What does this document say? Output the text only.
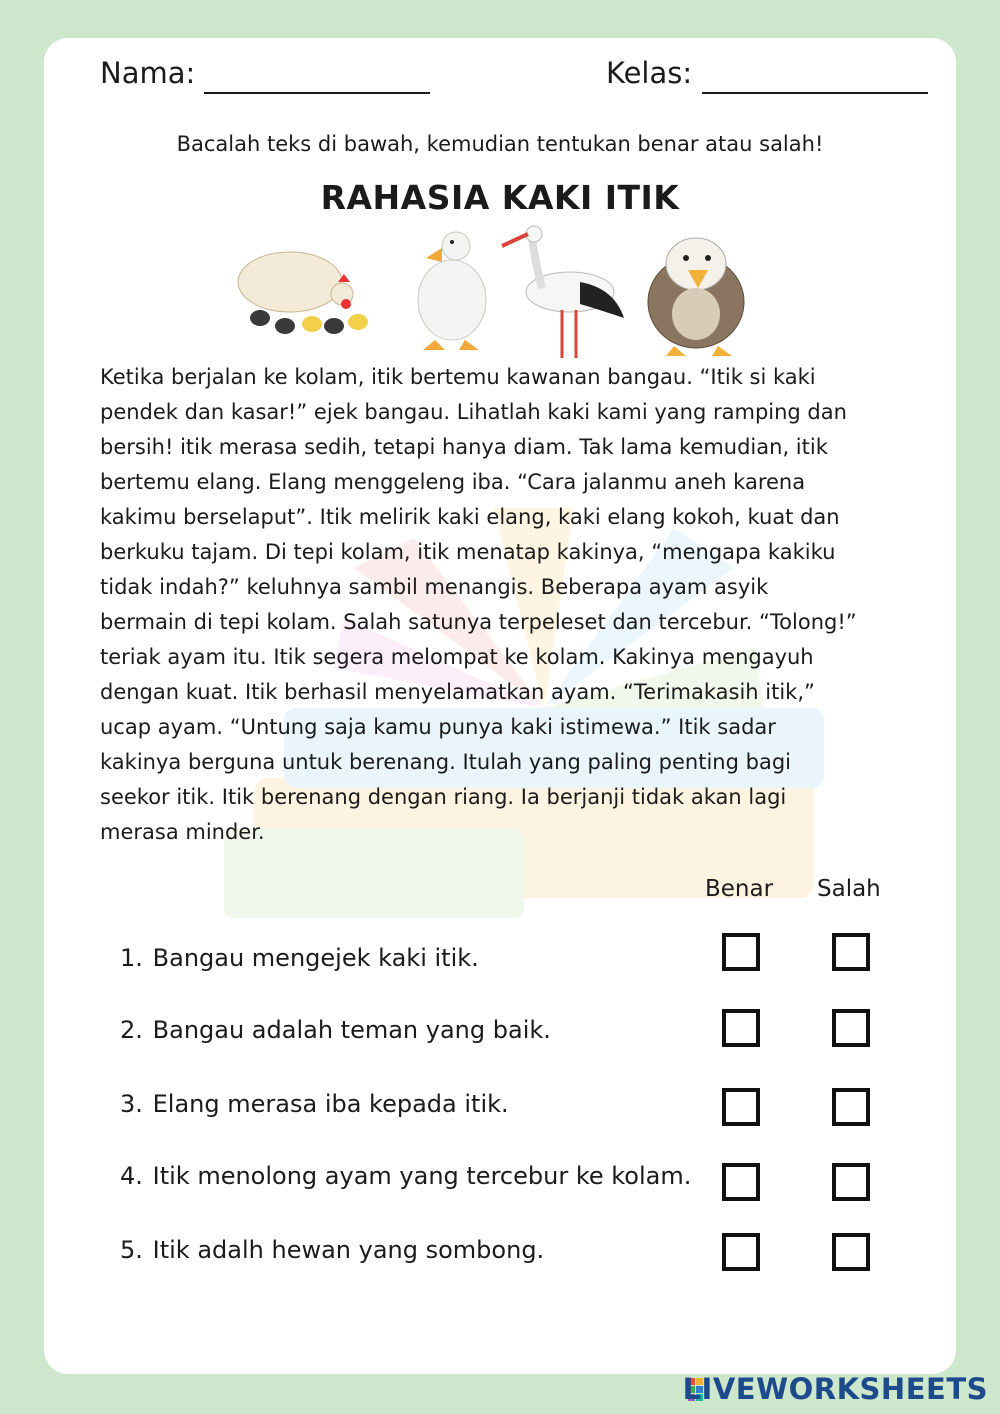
Nama:	Kelas:
Bacalah teks di bawah, kemudian tentukan benar atau salah!
RAHASIA KAKI ITIK
Ketika berjalan ke kolam, itik bertemu kawanan bangau. “Itik si kaki
pendek dan kasar!” ejek bangau. Lihatlah kaki kami yang ramping dan
bersih! itik merasa sedih, tetapi hanya diam. Tak lama kemudian, itik
bertemu elang. Elang menggeleng iba. “Cara jalanmu aneh karena
kakimu berselaput”. Itik melirik kaki elang, kaki elang kokoh, kuat dan
berkuku tajam. Di tepi kolam, itik menatap kakinya, “mengapa kakiku
tidak indah?” keluhnya sambil menangis. Beberapa ayam asyik
bermain di tepi kolam. Salah satunya terpeleset dan tercebur. “Tolong!”
teriak ayam itu. Itik segera melompat ke kolam. Kakinya mengayuh
dengan kuat. Itik berhasil menyelamatkan ayam. “Terimakasih itik,”
ucap ayam. “Untung saja kamu punya kaki istimewa.” Itik sadar
kakinya berguna untuk berenang. Itulah yang paling penting bagi
seekor itik. Itik berenang dengan riang. Ia berjanji tidak akan lagi
merasa minder.
Benar Salah
1. Bangau mengejek kaki itik.
2. Bangau adalah teman yang baik.
3. Elang merasa iba kepada itik.
4. Itik menolong ayam yang tercebur ke kolam.
5. Itik adalh hewan yang sombong.
LIVEWORKSHEETS
